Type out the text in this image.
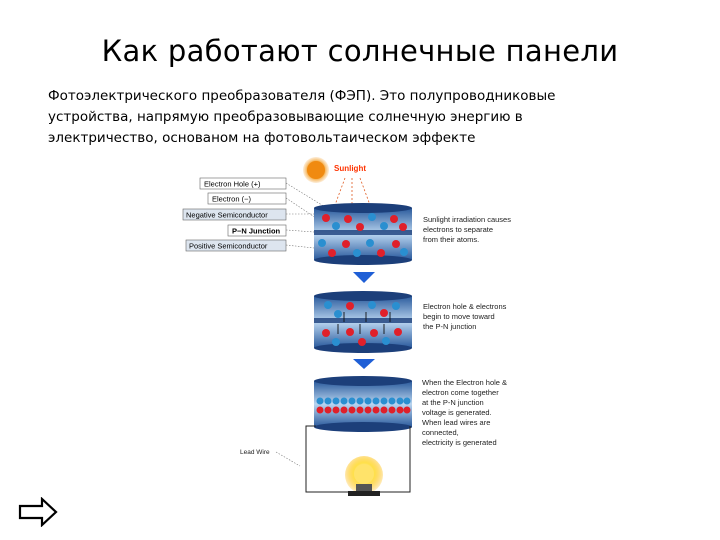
Как работают солнечные панели
Фотоэлектрического преобразователя (ФЭП). Это полупроводниковые
устройства, напрямую преобразовывающие солнечную энергию в
электричество, основаном на фотовольтаическом эффекте
Sunlight
Electron Hole (+)
Electron (−)
Negative Semiconductor
P−N Junction
Positive Semiconductor
Sunlight irradiation causes electrons to separate from their atoms.
Electron hole & electrons begin to move toward the P-N junction
When the Electron hole & electron come together at the P-N junction voltage is generated. When lead wires are connected, electricity is generated
Lead Wire
